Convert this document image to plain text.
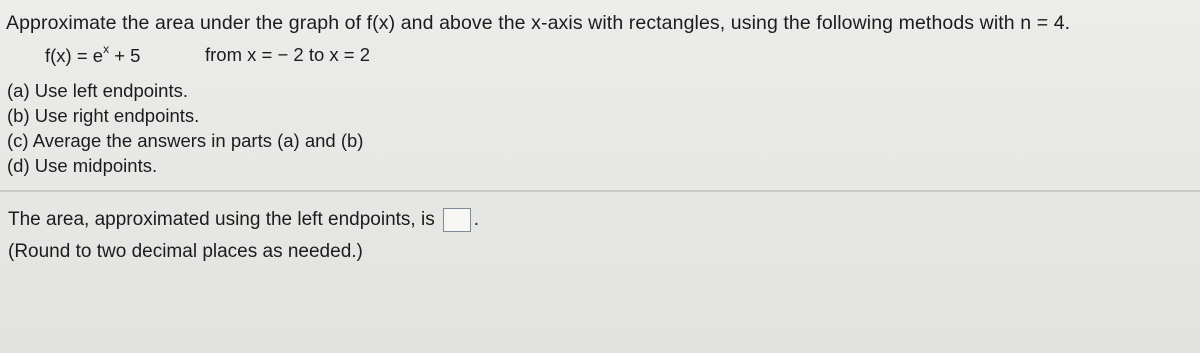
Approximate the area under the graph of f(x) and above the x-axis with rectangles, using the following methods with n = 4.
$f(x) = e^x + 5$	from x = − 2 to x = 2
(a) Use left endpoints.
(b) Use right endpoints.
(c) Average the answers in parts (a) and (b)
(d) Use midpoints.
The area, approximated using the left endpoints, is .
(Round to two decimal places as needed.)
